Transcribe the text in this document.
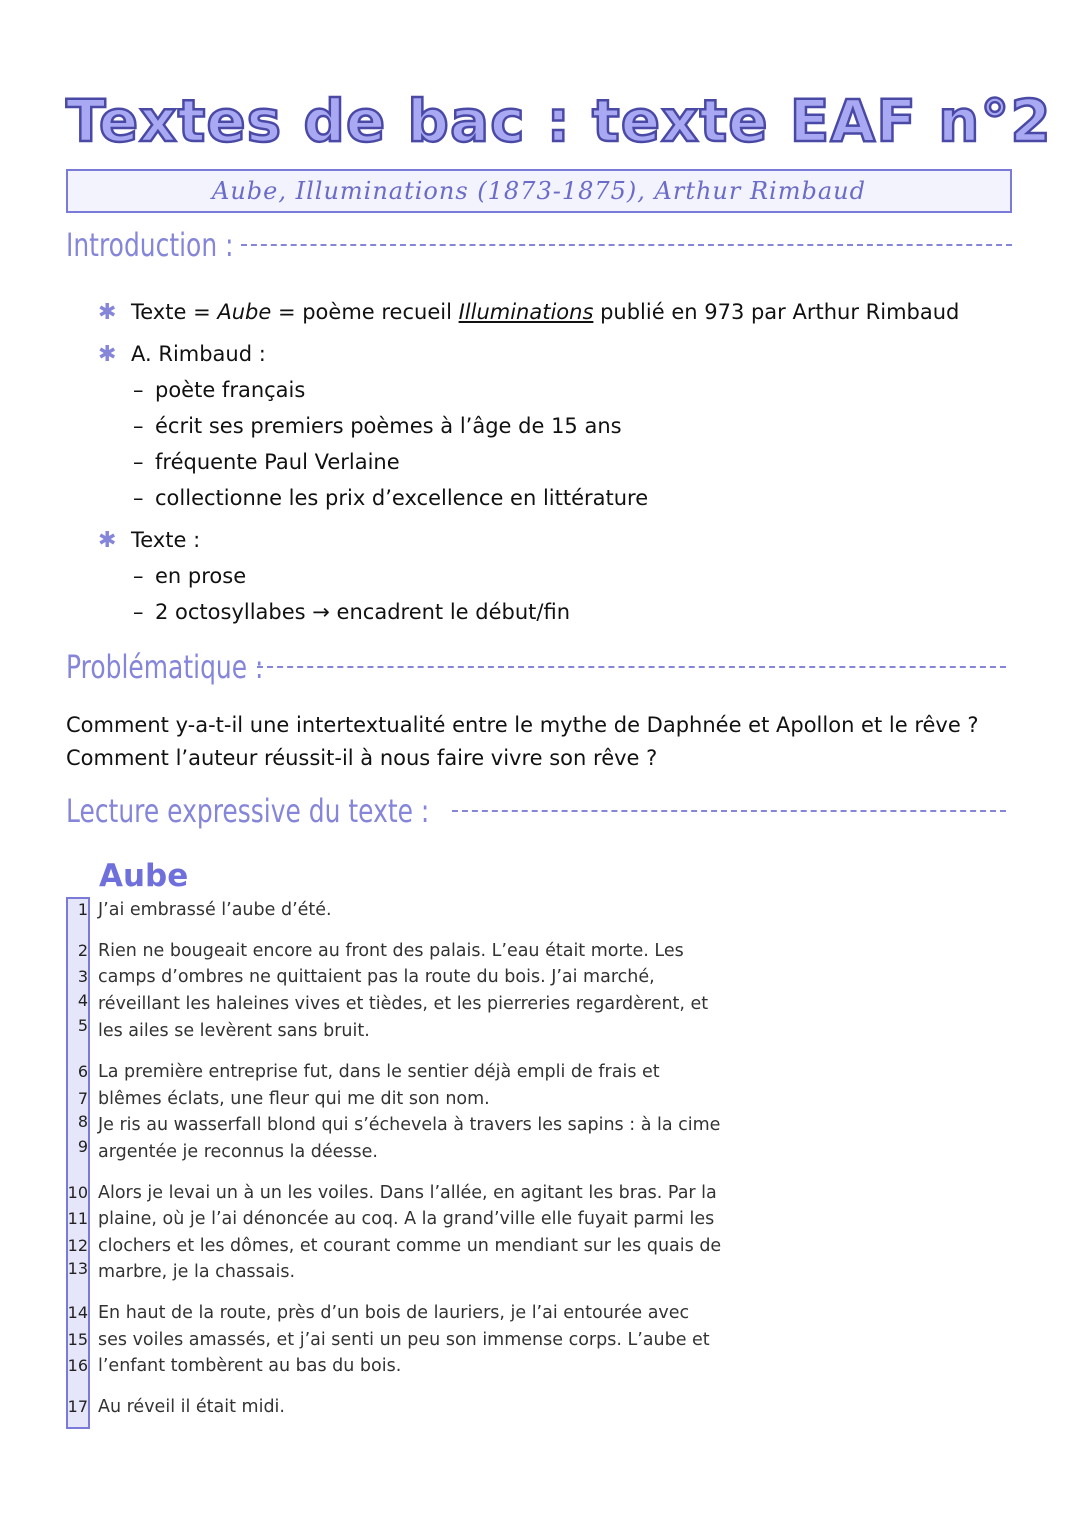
Textes de bac : texte EAF n°2
Aube, Illuminations (1873-1875), Arthur Rimbaud
Introduction :
✱ Texte = Aube = poème recueil Illuminations publié en 973 par Arthur Rimbaud
✱ A. Rimbaud :
– poète français
– écrit ses premiers poèmes à l’âge de 15 ans
– fréquente Paul Verlaine
– collectionne les prix d’excellence en littérature
✱ Texte :
– en prose
– 2 octosyllabes → encadrent le début/fin
Problématique :
Comment y-a-t-il une intertextualité entre le mythe de Daphnée et Apollon et le rêve ?
Comment l’auteur réussit-il à nous faire vivre son rêve ?
Lecture expressive du texte :
Aube
1 J’ai embrassé l’aube d’été.
2 Rien ne bougeait encore au front des palais. L’eau était morte. Les
3 camps d’ombres ne quittaient pas la route du bois. J’ai marché,
4 réveillant les haleines vives et tièdes, et les pierreries regardèrent, et
5 les ailes se levèrent sans bruit.
6 La première entreprise fut, dans le sentier déjà empli de frais et
7 blêmes éclats, une fleur qui me dit son nom.
8 Je ris au wasserfall blond qui s’échevela à travers les sapins : à la cime
9 argentée je reconnus la déesse.
10 Alors je levai un à un les voiles. Dans l’allée, en agitant les bras. Par la
11 plaine, où je l’ai dénoncée au coq. A la grand’ville elle fuyait parmi les
12 clochers et les dômes, et courant comme un mendiant sur les quais de
13 marbre, je la chassais.
14 En haut de la route, près d’un bois de lauriers, je l’ai entourée avec
15 ses voiles amassés, et j’ai senti un peu son immense corps. L’aube et
16 l’enfant tombèrent au bas du bois.
17 Au réveil il était midi.
